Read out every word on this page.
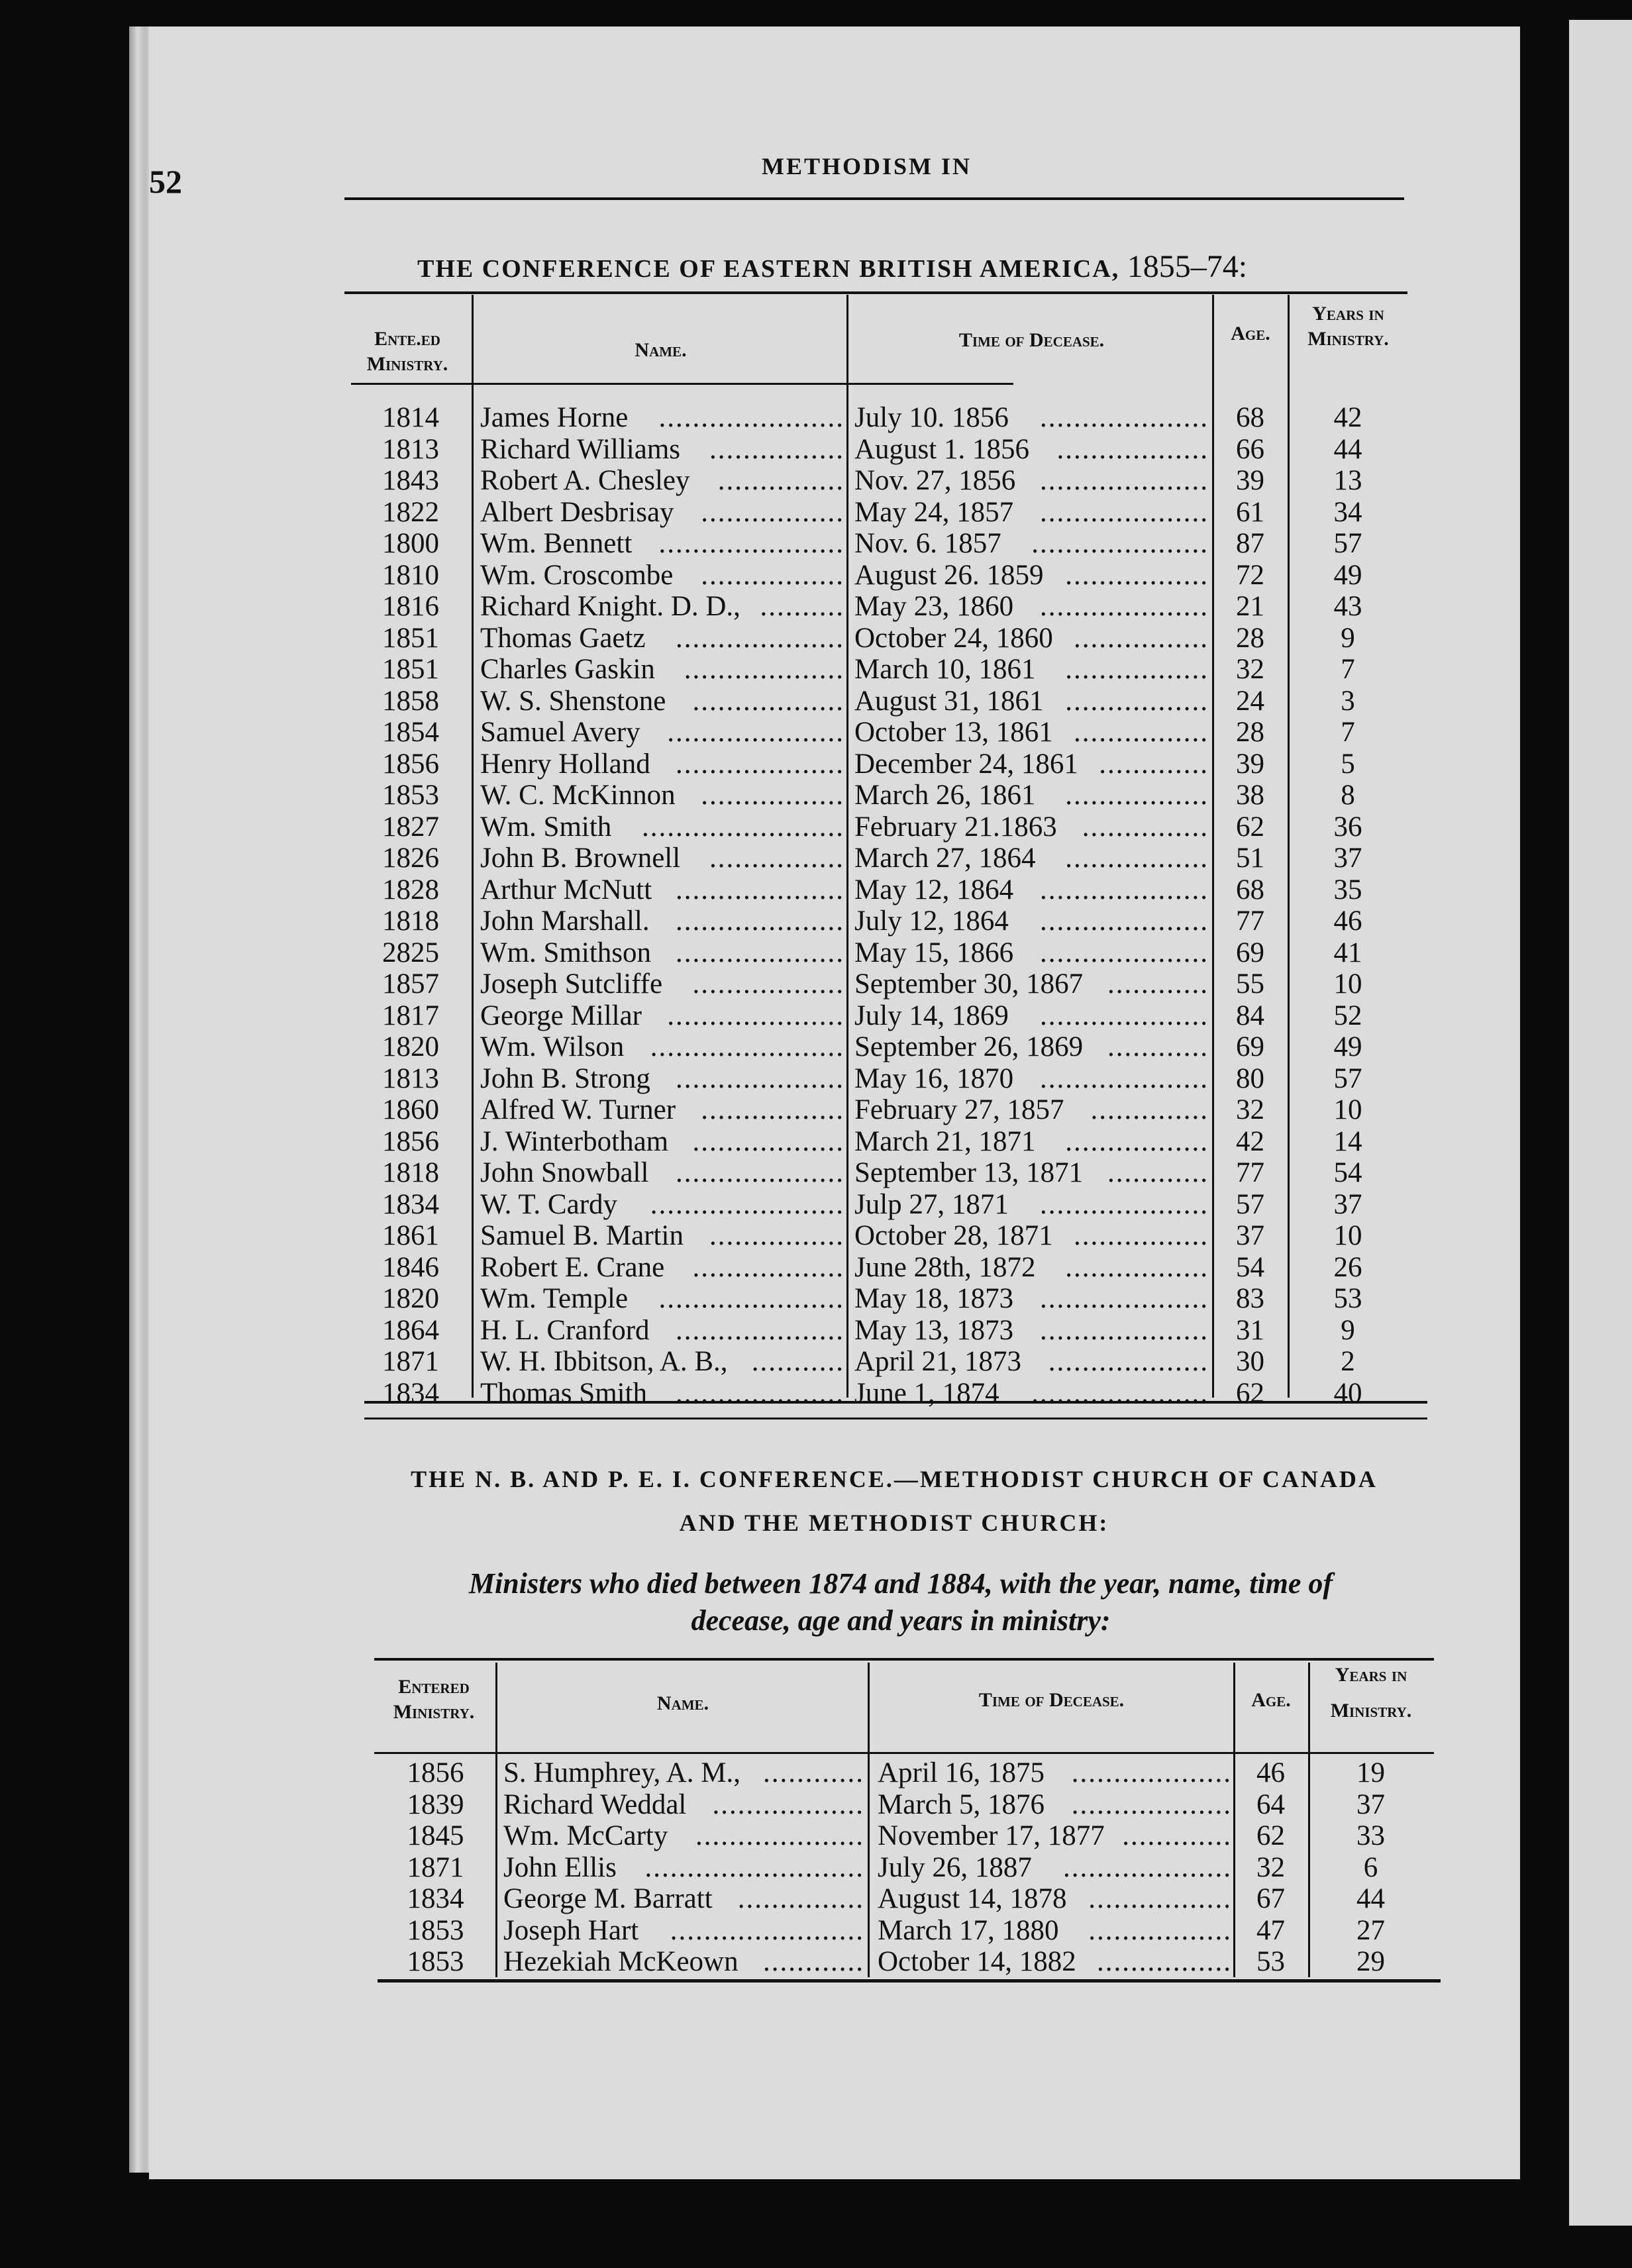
52	METHODISM IN
THE CONFERENCE OF EASTERN BRITISH AMERICA, 1855–74:
Ente.ed Ministry.
Name.	Time of Decease.	Age.
Years in Ministry.
1814	James Horne	...................... July 10. 1856	.................... 68	42
1813	Richard Williams	................ August 1. 1856 .................. 66	44
1843	Robert A. Chesley ............... Nov. 27, 1856 .................... 39	13
1822	Albert Desbrisay ................. May 24, 1857 .................... 61	34
1800	Wm. Bennett ...................... Nov. 6. 1857	..................... 87	57
1810	Wm. Croscombe ................. August 26. 1859 ................. 72	49
1816	Richard Knight. D. D., .......... May 23, 1860 .................... 21	43
1851	Thomas Gaetz	.................... October 24, 1860 ................ 28	9
1851	Charles Gaskin	................... March 10, 1861	................. 32	7
1858	W. S. Shenstone .................. August 31, 1861 ................. 24	3
1854	Samuel Avery ..................... October 13, 1861 ................ 28	7
1856	Henry Holland .................... December 24, 1861 ............. 39	5
1853	W. C. McKinnon ................. March 26, 1861	................. 38	8
1827	Wm. Smith	........................ February 21.1863 ............... 62	36
1826	John B. Brownell	................ March 27, 1864	................. 51	37
1828	Arthur McNutt .................... May 12, 1864 .................... 68	35
1818	John Marshall. .................... July 12, 1864	.................... 77	46
2825	Wm. Smithson .................... May 15, 1866 .................... 69	41
1857	Joseph Sutcliffe	.................. September 30, 1867 ............ 55	10
1817	George Millar ..................... July 14, 1869	.................... 84	52
1820	Wm. Wilson ....................... September 26, 1869 ............ 69	49
1813	John B. Strong .................... May 16, 1870 .................... 80	57
1860	Alfred W. Turner ................. February 27, 1857 .............. 32	10
1856	J. Winterbotham .................. March 21, 1871	................. 42	14
1818	John Snowball .................... September 13, 1871 ............ 77	54
1834	W. T. Cardy	....................... Julp 27, 1871	.................... 57	37
1861	Samuel B. Martin ................ October 28, 1871 ................ 37	10
1846	Robert E. Crane .................. June 28th, 1872	................. 54	26
1820	Wm. Temple	...................... May 18, 1873 .................... 83	53
1864	H. L. Cranford .................... May 13, 1873 .................... 31	9
1871	W. H. Ibbitson, A. B., ........... April 21, 1873 ................... 30	2
1834	Thomas Smith .................... June 1, 1874	..................... 62	40
THE N. B. AND P. E. I. CONFERENCE.—METHODIST CHURCH OF CANADA
AND THE METHODIST CHURCH:
Ministers who died between 1874 and 1884, with the year, name, time of
decease, age and years in ministry:
Entered Ministry.	Name.	Time of Decease.	Age.
Years in Ministry.
1856	S. Humphrey, A. M., ............ April 16, 1875 ................... 46	19
1839	Richard Weddal .................. March 5, 1876 ................... 64	37
1845	Wm. McCarty .................... November 17, 1877 ............. 62	33
1871	John Ellis .......................... July 26, 1887	.................... 32	6
1834	George M. Barratt ............... August 14, 1878 ................. 67	44
1853	Joseph Hart	....................... March 17, 1880	................. 47	27
1853	Hezekiah McKeown ............ October 14, 1882 ................ 53	29
